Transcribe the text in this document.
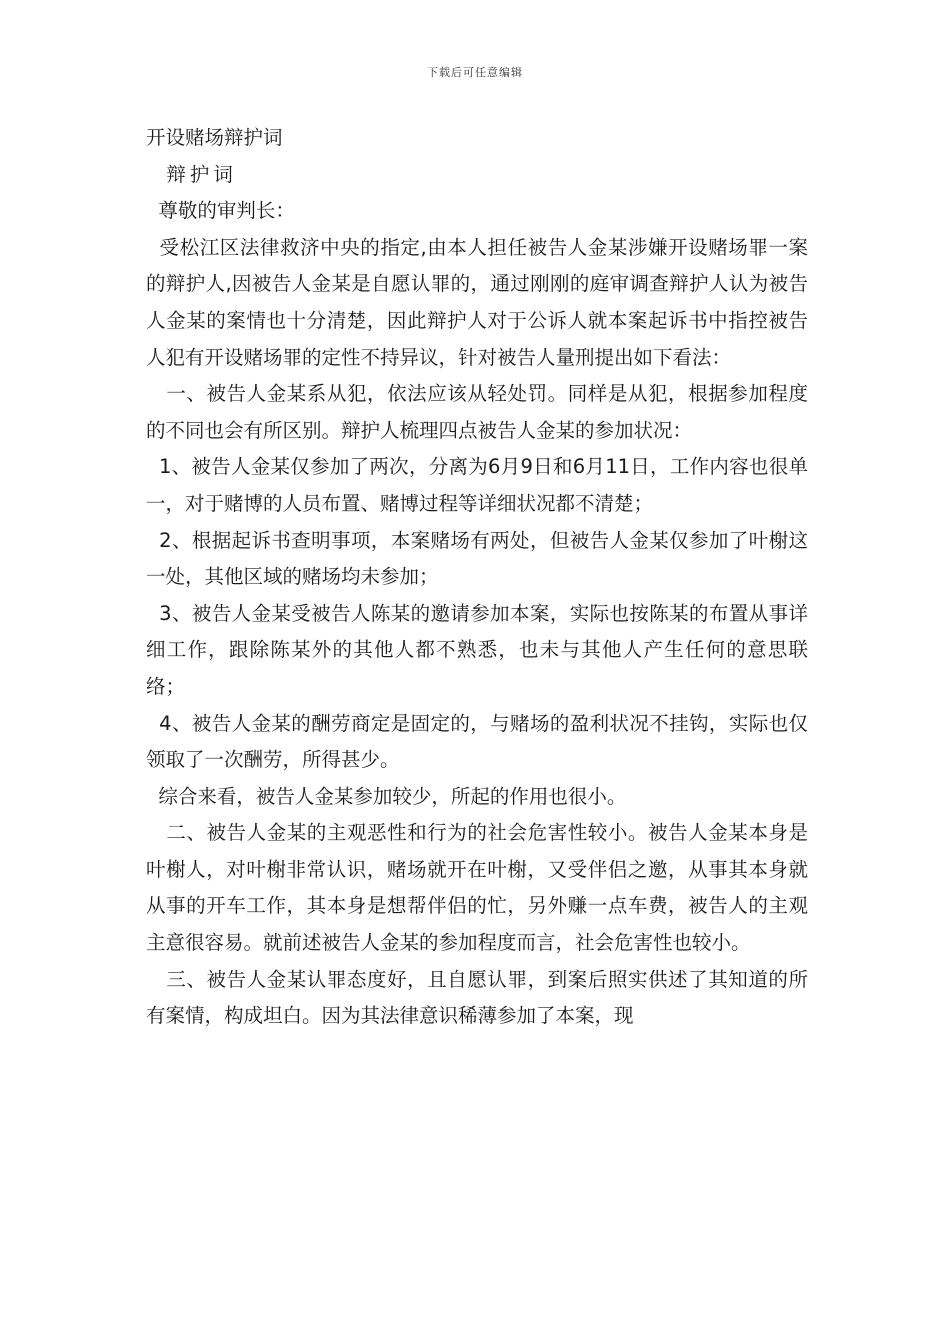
下载后可任意编辑

开设赌场辩护词

辩护词

尊敬的审判长：

受松江区法律救济中央的指定,由本人担任被告人金某涉嫌开设赌场罪一案的辩护人,因被告人金某是自愿认罪的，通过刚刚的庭审调查辩护人认为被告人金某的案情也十分清楚，因此辩护人对于公诉人就本案起诉书中指控被告人犯有开设赌场罪的定性不持异议，针对被告人量刑提出如下看法：

一、被告人金某系从犯，依法应该从轻处罚。同样是从犯，根据参加程度的不同也会有所区别。辩护人梳理四点被告人金某的参加状况：

1、被告人金某仅参加了两次，分离为6月9日和6月11日，工作内容也很单一，对于赌博的人员布置、赌博过程等详细状况都不清楚；

2、根据起诉书查明事项，本案赌场有两处，但被告人金某仅参加了叶榭这一处，其他区域的赌场均未参加；

3、被告人金某受被告人陈某的邀请参加本案，实际也按陈某的布置从事详细工作，跟除陈某外的其他人都不熟悉，也未与其他人产生任何的意思联络；

4、被告人金某的酬劳商定是固定的，与赌场的盈利状况不挂钩，实际也仅领取了一次酬劳，所得甚少。

综合来看，被告人金某参加较少，所起的作用也很小。

二、被告人金某的主观恶性和行为的社会危害性较小。被告人金某本身是叶榭人，对叶榭非常认识，赌场就开在叶榭，又受伴侣之邀，从事其本身就从事的开车工作，其本身是想帮伴侣的忙，另外赚一点车费，被告人的主观主意很容易。就前述被告人金某的参加程度而言，社会危害性也较小。

三、被告人金某认罪态度好，且自愿认罪，到案后照实供述了其知道的所有案情，构成坦白。因为其法律意识稀薄参加了本案，现
